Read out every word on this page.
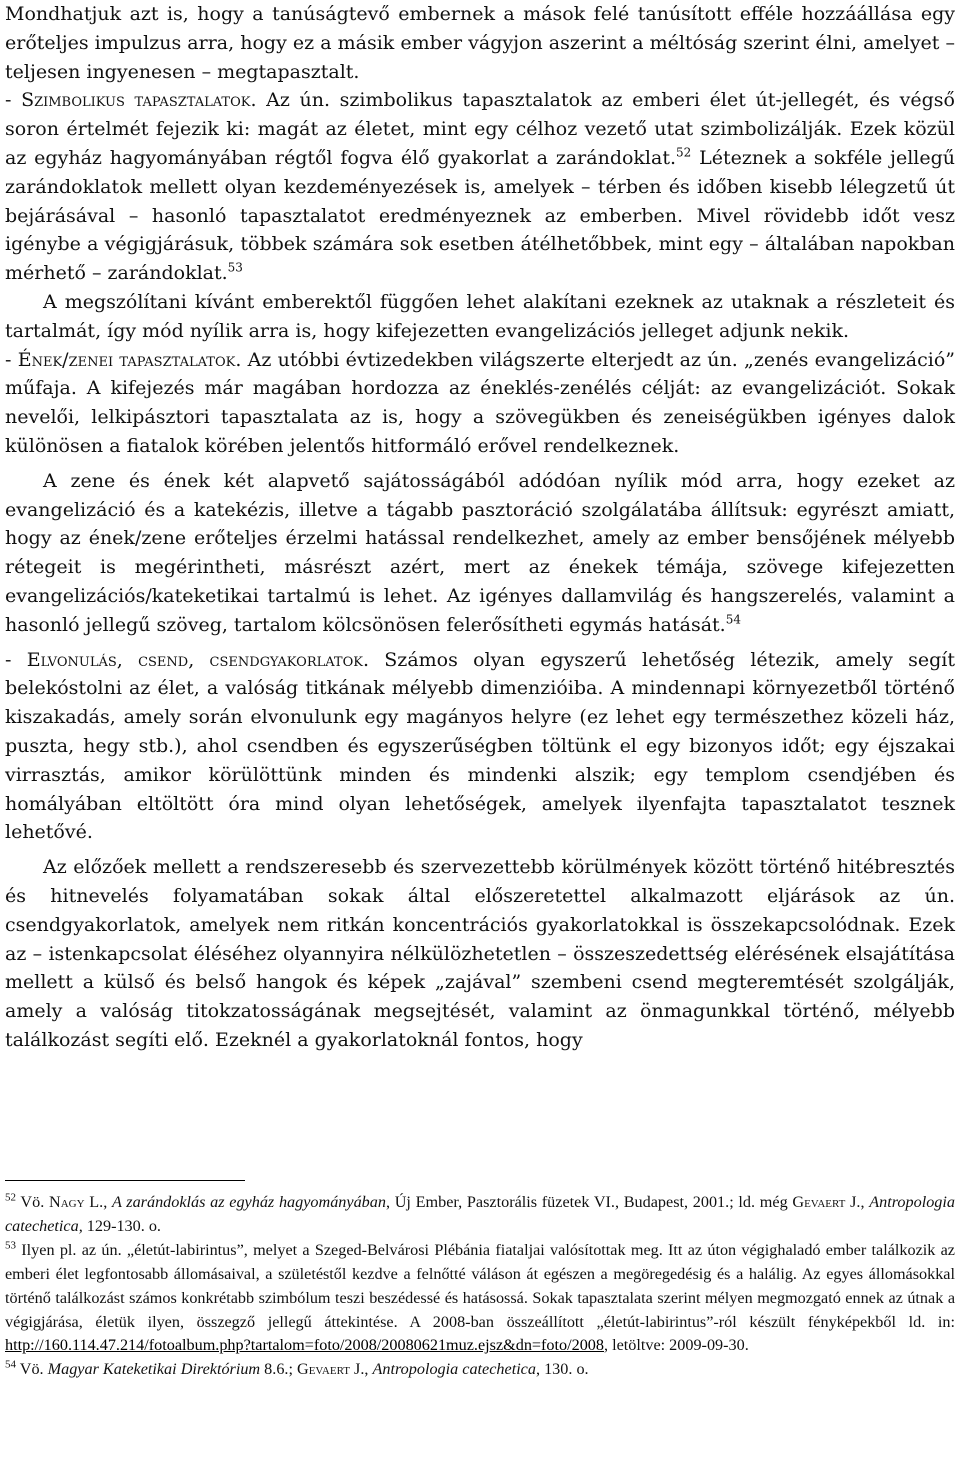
Mondhatjuk azt is, hogy a tanúságtevő embernek a mások felé tanúsított efféle hozzáállása egy erőteljes impulzus arra, hogy ez a másik ember vágyjon aszerint a méltóság szerint élni, amelyet – teljesen ingyenesen – megtapasztalt.

- Szimbolikus tapasztalatok. Az ún. szimbolikus tapasztalatok az emberi élet út-jellegét, és végső soron értelmét fejezik ki: magát az életet, mint egy célhoz vezető utat szimbolizálják. Ezek közül az egyház hagyományában régtől fogva élő gyakorlat a zarándoklat.$^{52}$ Léteznek a sokféle jellegű zarándoklatok mellett olyan kezdeményezések is, amelyek – térben és időben kisebb lélegzetű út bejárásával – hasonló tapasztalatot eredményeznek az emberben. Mivel rövidebb időt vesz igénybe a végigjárásuk, többek számára sok esetben átélhetőbbek, mint egy – általában napokban mérhető – zarándoklat.$^{53}$

A megszólítani kívánt emberektől függően lehet alakítani ezeknek az utaknak a részleteit és tartalmát, így mód nyílik arra is, hogy kifejezetten evangelizációs jelleget adjunk nekik.

- Ének/zenei tapasztalatok. Az utóbbi évtizedekben világszerte elterjedt az ún. „zenés evangelizáció” műfaja. A kifejezés már magában hordozza az éneklés-zenélés célját: az evangelizációt. Sokak nevelői, lelkipásztori tapasztalata az is, hogy a szövegükben és zeneiségükben igényes dalok különösen a fiatalok körében jelentős hitformáló erővel rendelkeznek.

A zene és ének két alapvető sajátosságából adódóan nyílik mód arra, hogy ezeket az evangelizáció és a katekézis, illetve a tágabb pasztoráció szolgálatába állítsuk: egyrészt amiatt, hogy az ének/zene erőteljes érzelmi hatással rendelkezhet, amely az ember bensőjének mélyebb rétegeit is megérintheti, másrészt azért, mert az énekek témája, szövege kifejezetten evangelizációs/kateketikai tartalmú is lehet. Az igényes dallamvilág és hangszerelés, valamint a hasonló jellegű szöveg, tartalom kölcsönösen felerősítheti egymás hatását.$^{54}$

- Elvonulás, csend, csendgyakorlatok. Számos olyan egyszerű lehetőség létezik, amely segít belekóstolni az élet, a valóság titkának mélyebb dimenzióiba. A mindennapi környezetből történő kiszakadás, amely során elvonulunk egy magányos helyre (ez lehet egy természethez közeli ház, puszta, hegy stb.), ahol csendben és egyszerűségben töltünk el egy bizonyos időt; egy éjszakai virrasztás, amikor körülöttünk minden és mindenki alszik; egy templom csendjében és homályában eltöltött óra mind olyan lehetőségek, amelyek ilyenfajta tapasztalatot tesznek lehetővé.

Az előzőek mellett a rendszeresebb és szervezettebb körülmények között történő hitébresztés és hitnevelés folyamatában sokak által előszeretettel alkalmazott eljárások az ún. csendgyakorlatok, amelyek nem ritkán koncentrációs gyakorlatokkal is összekapcsolódnak. Ezek az – istenkapcsolat éléséhez olyannyira nélkülözhetetlen – összeszedettség elérésének elsajátítása mellett a külső és belső hangok és képek „zajával” szembeni csend megteremtését szolgálják, amely a valóság titokzatosságának megsejtését, valamint az önmagunkkal történő, mélyebb találkozást segíti elő. Ezeknél a gyakorlatoknál fontos, hogy

$^{52}$ Vö. Nagy L., A zarándoklás az egyház hagyományában, Új Ember, Pasztorális füzetek VI., Budapest, 2001.; ld. még Gevaert J., Antropologia catechetica, 129-130. o.

$^{53}$ Ilyen pl. az ún. „életút-labirintus”, melyet a Szeged-Belvárosi Plébánia fiataljai valósítottak meg. Itt az úton végighaladó ember találkozik az emberi élet legfontosabb állomásaival, a születéstől kezdve a felnőtté váláson át egészen a megöregedésig és a halálig. Az egyes állomásokkal történő találkozást számos konkrétabb szimbólum teszi beszédessé és hatásossá. Sokak tapasztalata szerint mélyen megmozgató ennek az útnak a végigjárása, életük ilyen, összegző jellegű áttekintése. A 2008-ban összeállított „életút-labirintus”-ról készült fényképekből ld. in: http://160.114.47.214/fotoalbum.php?tartalom=foto/2008/20080621muz.ejsz&dn=foto/2008, letöltve: 2009-09-30.

$^{54}$ Vö. Magyar Kateketikai Direktórium 8.6.; Gevaert J., Antropologia catechetica, 130. o.
